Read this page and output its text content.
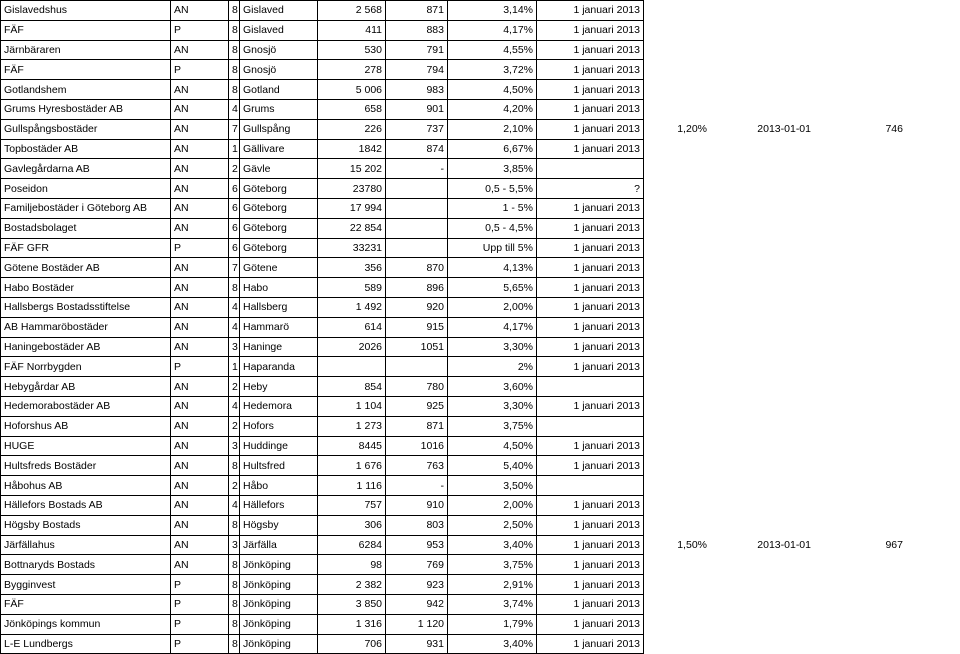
Gislavedshus	AN	8	Gislaved	2 568	871	3,14%	1 januari 2013	
FÄF	P	8	Gislaved	411	883	4,17%	1 januari 2013	
Järnbäraren	AN	8	Gnosjö	530	791	4,55%	1 januari 2013	
FÄF	P	8	Gnosjö	278	794	3,72%	1 januari 2013	
Gotlandshem	AN	8	Gotland	5 006	983	4,50%	1 januari 2013	
Grums Hyresbostäder AB	AN	4	Grums	658	901	4,20%	1 januari 2013	
Gullspångsbostäder	AN	7	Gullspång	226	737	2,10%	1 januari 2013	1,20% 2013-01-01 746
Topbostäder AB	AN	1	Gällivare	1842	874	6,67%	1 januari 2013	
Gavlegårdarna AB	AN	2	Gävle	15 202	-	3,85%		
Poseidon	AN	6	Göteborg	23780		0,5 - 5,5%	?	
Familjebostäder i Göteborg AB	AN	6	Göteborg	17 994		1 - 5%	1 januari 2013	
Bostadsbolaget	AN	6	Göteborg	22 854		0,5 - 4,5%	1 januari 2013	
FÄF GFR	P	6	Göteborg	33231		Upp till 5%	1 januari 2013	
Götene Bostäder AB	AN	7	Götene	356	870	4,13%	1 januari 2013	
Habo Bostäder	AN	8	Habo	589	896	5,65%	1 januari 2013	
Hallsbergs Bostadsstiftelse	AN	4	Hallsberg	1 492	920	2,00%	1 januari 2013	
AB Hammaröbostäder	AN	4	Hammarö	614	915	4,17%	1 januari 2013	
Haningebostäder AB	AN	3	Haninge	2026	1051	3,30%	1 januari 2013	
FÄF Norrbygden	P	1	Haparanda			2%	1 januari 2013	
Hebygårdar AB	AN	2	Heby	854	780	3,60%		
Hedemorabostäder AB	AN	4	Hedemora	1 104	925	3,30%	1 januari 2013	
Hoforshus AB	AN	2	Hofors	1 273	871	3,75%		
HUGE	AN	3	Huddinge	8445	1016	4,50%	1 januari 2013	
Hultsfreds Bostäder	AN	8	Hultsfred	1 676	763	5,40%	1 januari 2013	
Håbohus AB	AN	2	Håbo	1 116	-	3,50%		
Hällefors Bostads AB	AN	4	Hällefors	757	910	2,00%	1 januari 2013	
Högsby Bostads	AN	8	Högsby	306	803	2,50%	1 januari 2013	
Järfällahus	AN	3	Järfälla	6284	953	3,40%	1 januari 2013	1,50% 2013-01-01 967
Bottnaryds Bostads	AN	8	Jönköping	98	769	3,75%	1 januari 2013	
Bygginvest	P	8	Jönköping	2 382	923	2,91%	1 januari 2013	
FÄF	P	8	Jönköping	3 850	942	3,74%	1 januari 2013	
Jönköpings kommun	P	8	Jönköping	1 316	1 120	1,79%	1 januari 2013	
L-E Lundbergs	P	8	Jönköping	706	931	3,40%	1 januari 2013	
